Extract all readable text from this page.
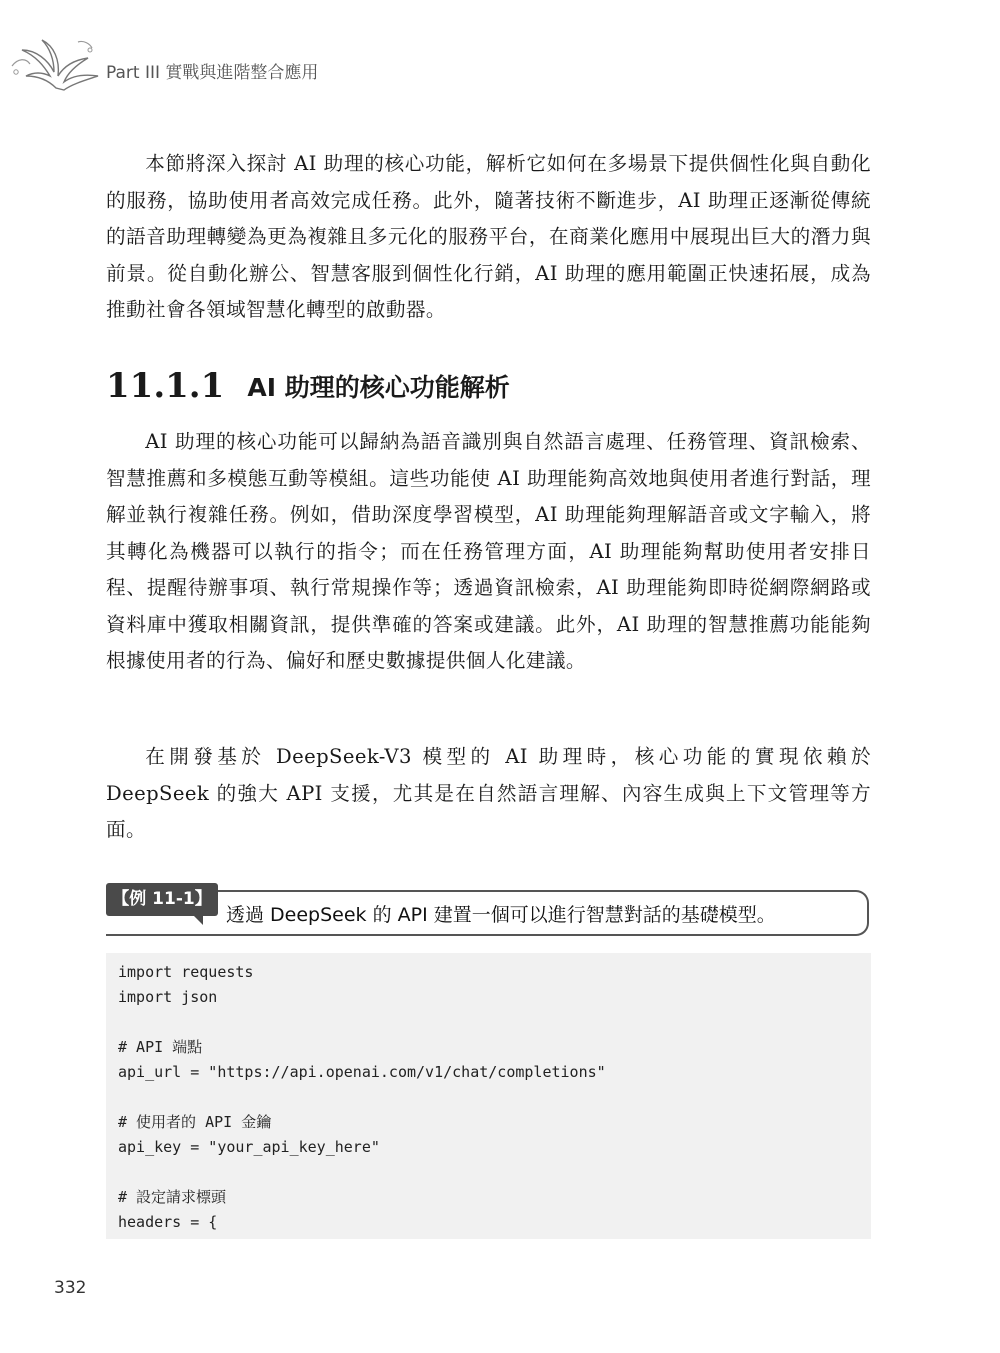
Part III 實戰與進階整合應用

本節將深入探討 AI 助理的核心功能，解析它如何在多場景下提供個性化與自動化的服務，協助使用者高效完成任務。此外，隨著技術不斷進步，AI 助理正逐漸從傳統的語音助理轉變為更為複雜且多元化的服務平台，在商業化應用中展現出巨大的潛力與前景。從自動化辦公、智慧客服到個性化行銷，AI 助理的應用範圍正快速拓展，成為推動社會各領域智慧化轉型的啟動器。

11.1.1 AI 助理的核心功能解析

AI 助理的核心功能可以歸納為語音識別與自然語言處理、任務管理、資訊檢索、智慧推薦和多模態互動等模組。這些功能使 AI 助理能夠高效地與使用者進行對話，理解並執行複雜任務。例如，借助深度學習模型，AI 助理能夠理解語音或文字輸入，將其轉化為機器可以執行的指令；而在任務管理方面，AI 助理能夠幫助使用者安排日程、提醒待辦事項、執行常規操作等；透過資訊檢索，AI 助理能夠即時從網際網路或資料庫中獲取相關資訊，提供準確的答案或建議。此外，AI 助理的智慧推薦功能能夠根據使用者的行為、偏好和歷史數據提供個人化建議。

在開發基於 DeepSeek-V3 模型的 AI 助理時，核心功能的實現依賴於 DeepSeek 的強大 API 支援，尤其是在自然語言理解、內容生成與上下文管理等方面。

【例 11-1】
透過 DeepSeek 的 API 建置一個可以進行智慧對話的基礎模型。
import requests
import json
# API 端點
api_url = "https://api.openai.com/v1/chat/completions"
# 使用者的 API 金鑰
api_key = "your_api_key_here"
# 設定請求標頭
headers = {
332
